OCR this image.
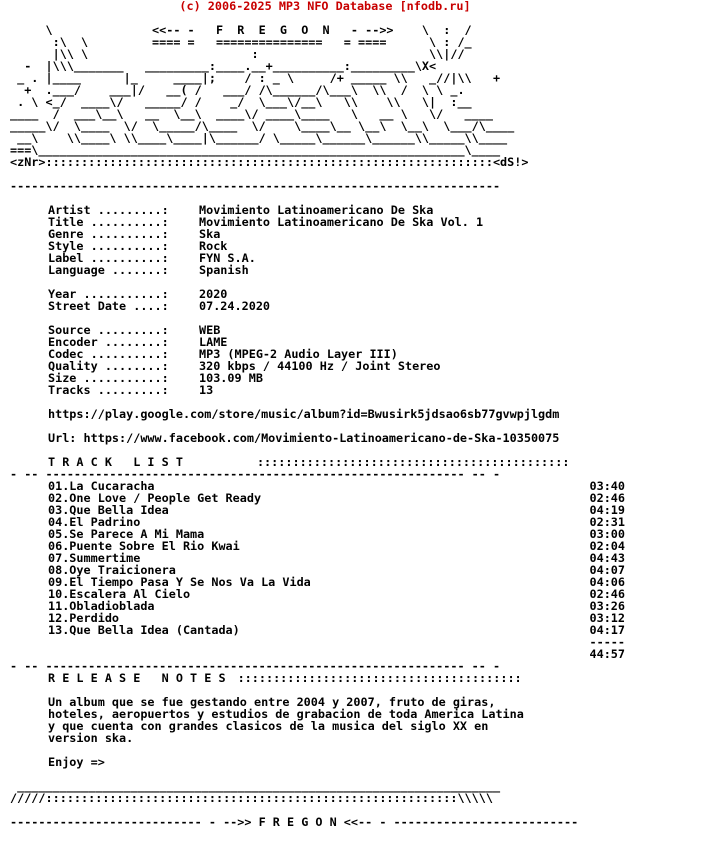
(c) 2006-2025 MP3 NFO Database [nfodb.ru]
\              <<-- -   F  R  E  G  O  N   - -->>    \  :  /
:\  \         ==== =   ===============   = ====      \ : /_
|\\ \                       :                        \\|//
-  |\\\_______   _________:____.__+__________:_________\X<
_ . |____      |_     ____|;    / : _ \     /+ _____ \\   _//|\\   +
+  .___/    ___|/   __( /   ___/ /\______/\___\  \\  /  \ \ _.
. \ <_/  ____\/   _____/ /    _/  \___\/__\   \\    \\   \|  :__
____  /  ___\__\   __  \__\  ____\/ ____\____   \   __ \   \/   ____
_____\/  \____  \/  \_____/\____  \/    \____\__ \__\  \__\  \___/\____
__\    \\____\ \\____\____|\______/ \_____\______\______\\_____\\____
===\____________________________________________________________\____
<zNr>:::::::::::::::::::::::::::::::::::::::::::::::::::::::::::::::<dS!>
---------------------------------------------------------------------
Artist .........:	Movimiento Latinoamericano De Ska
Title ..........:	Movimiento Latinoamericano De Ska Vol. 1
Genre ..........:	Ska
Style ..........:	Rock
Label ..........:	FYN S.A.
Language .......:	Spanish
Year ...........:	2020
Street Date ....:	07.24.2020
Source .........:	WEB
Encoder ........:	LAME
Codec ..........:	MP3 (MPEG-2 Audio Layer III)
Quality ........:	320 kbps / 44100 Hz / Joint Stereo
Size ...........:	103.09 MB
Tracks .........:	13
https://play.google.com/store/music/album?id=Bwusirk5jdsao6sb77gvwpjlgdm
Url: https://www.facebook.com/Movimiento-Latinoamericano-de-Ska-10350075
T R A C K   L I S T	::::::::::::::::::::::::::::::::::::::::::::
- -- ----------------------------------------------------------- -- -
01.La Cucaracha	03:40
02.One Love / People Get Ready	02:46
03.Que Bella Idea	04:19
04.El Padrino	02:31
05.Se Parece A Mi Mama	03:00
06.Puente Sobre El Rio Kwai	02:04
07.Summertime	04:43
08.Oye Traicionera	04:07
09.El Tiempo Pasa Y Se Nos Va La Vida	04:06
10.Escalera Al Cielo	02:46
11.Obladioblada	03:26
12.Perdido	03:12
13.Que Bella Idea (Cantada)	04:17
-----
44:57
- -- ----------------------------------------------------------- -- -
R E L E A S E   N O T E S ::::::::::::::::::::::::::::::::::::::::
Un album que se fue gestando entre 2004 y 2007, fruto de giras,
hoteles, aeropuertos y estudios de grabacion de toda America Latina
y que cuenta con grandes clasicos de la musica del siglo XX en
version ska.
Enjoy =>
____________________________________________________________________
/////::::::::::::::::::::::::::::::::::::::::::::::::::::::::::\\\\\
--------------------------- - -->> F R E G O N <<-- - --------------------------
